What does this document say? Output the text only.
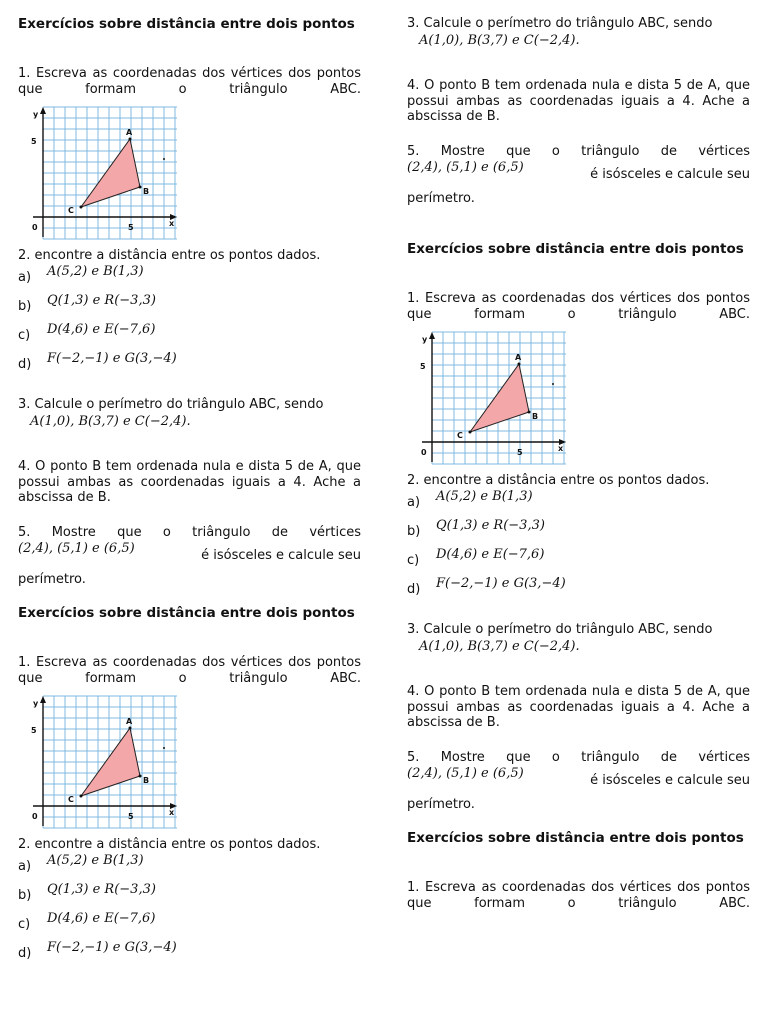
Exercícios sobre distância entre dois pontos
1. Escreva as coordenadas dos vértices dos pontos que formam o triângulo ABC.
y
5
0	5	x
A
B
C
2. encontre a distância entre os pontos dados.
a)	A(5,2) e B(1,3)
b)	Q(1,3) e R(−3,3)
c)	D(4,6) e E(−7,6)
d)	F(−2,−1) e G(3,−4)
3. Calcule o perímetro do triângulo ABC, sendo
A(1,0), B(3,7) e C(−2,4).
4. O ponto B tem ordenada nula e dista 5 de A, que possui ambas as coordenadas iguais a 4. Ache a abscissa de B.
5. Mostre que o triângulo de vértices
(2,4), (5,1) e (6,5)	é isósceles e calcule seu
perímetro.
Exercícios sobre distância entre dois pontos
1. Escreva as coordenadas dos vértices dos pontos que formam o triângulo ABC.
y
5
0	5	x
A
B
C
2. encontre a distância entre os pontos dados.
a)	A(5,2) e B(1,3)
b)	Q(1,3) e R(−3,3)
c)	D(4,6) e E(−7,6)
d)	F(−2,−1) e G(3,−4)
3. Calcule o perímetro do triângulo ABC, sendo
A(1,0), B(3,7) e C(−2,4).
4. O ponto B tem ordenada nula e dista 5 de A, que possui ambas as coordenadas iguais a 4. Ache a abscissa de B.
5. Mostre que o triângulo de vértices
(2,4), (5,1) e (6,5)	é isósceles e calcule seu
perímetro.
Exercícios sobre distância entre dois pontos
1. Escreva as coordenadas dos vértices dos pontos que formam o triângulo ABC.
y
5
0	5	x
A
B
C
2. encontre a distância entre os pontos dados.
a)	A(5,2) e B(1,3)
b)	Q(1,3) e R(−3,3)
c)	D(4,6) e E(−7,6)
d)	F(−2,−1) e G(3,−4)
3. Calcule o perímetro do triângulo ABC, sendo
A(1,0), B(3,7) e C(−2,4).
4. O ponto B tem ordenada nula e dista 5 de A, que possui ambas as coordenadas iguais a 4. Ache a abscissa de B.
5. Mostre que o triângulo de vértices
(2,4), (5,1) e (6,5)	é isósceles e calcule seu
perímetro.
Exercícios sobre distância entre dois pontos
1. Escreva as coordenadas dos vértices dos pontos que formam o triângulo ABC.
